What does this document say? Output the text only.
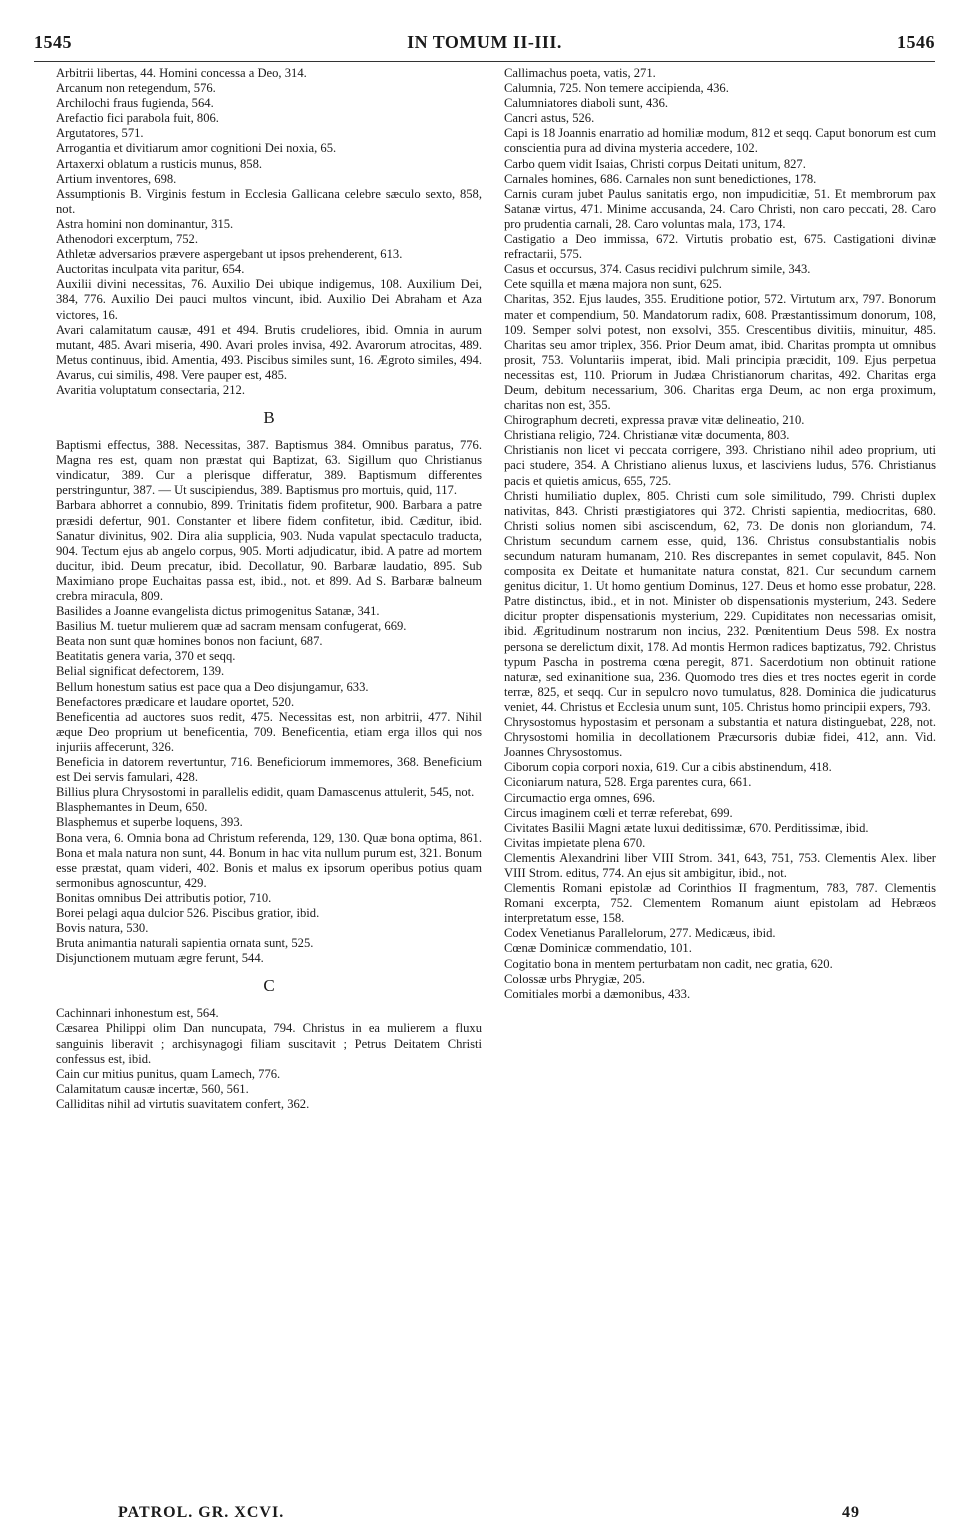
1545	IN TOMUM II-III.	1546

Arbitrii libertas, 44. Homini concessa a Deo, 314.

Arcanum non retegendum, 576.

Archilochi fraus fugienda, 564.

Arefactio fici parabola fuit, 806.

Argutatores, 571.

Arrogantia et divitiarum amor cognitioni Dei noxia, 65.

Artaxerxi oblatum a rusticis munus, 858.

Artium inventores, 698.

Assumptionis B. Virginis festum in Ecclesia Gallicana celebre sæculo sexto, 858, not.

Astra homini non dominantur, 315.

Athenodori excerptum, 752.

Athletæ adversarios prævere aspergebant ut ipsos prehenderent, 613.

Auctoritas inculpata vita paritur, 654.

Auxilii divini necessitas, 76. Auxilio Dei ubique indigemus, 108. Auxilium Dei, 384, 776. Auxilio Dei pauci multos vincunt, ibid. Auxilio Dei Abraham et Aza victores, 16.

Avari calamitatum causæ, 491 et 494. Brutis crudeliores, ibid. Omnia in aurum mutant, 485. Avari miseria, 490. Avari proles invisa, 492. Avarorum atrocitas, 489. Metus continuus, ibid. Amentia, 493. Piscibus similes sunt, 16. Ægroto similes, 494. Avarus, cui similis, 498. Vere pauper est, 485.

Avaritia voluptatum consectaria, 212.

B

Baptismi effectus, 388. Necessitas, 387. Baptismus 384. Omnibus paratus, 776. Magna res est, quam non præstat qui Baptizat, 63. Sigillum quo Christianus vindicatur, 389. Cur a plerisque differatur, 389. Baptismum differentes perstringuntur, 387. — Ut suscipiendus, 389. Baptismus pro mortuis, quid, 117.

Barbara abhorret a connubio, 899. Trinitatis fidem profitetur, 900. Barbara a patre præsidi defertur, 901. Constanter et libere fidem confitetur, ibid. Cæditur, ibid. Sanatur divinitus, 902. Dira alia supplicia, 903. Nuda vapulat spectaculo traducta, 904. Tectum ejus ab angelo corpus, 905. Morti adjudicatur, ibid. A patre ad mortem ducitur, ibid. Deum precatur, ibid. Decollatur, 90. Barbaræ laudatio, 895. Sub Maximiano prope Euchaitas passa est, ibid., not. et 899. Ad S. Barbaræ balneum crebra miracula, 809.

Basilides a Joanne evangelista dictus primogenitus Satanæ, 341.

Basilius M. tuetur mulierem quæ ad sacram mensam confugerat, 669.

Beata non sunt quæ homines bonos non faciunt, 687.

Beatitatis genera varia, 370 et seqq.

Belial significat defectorem, 139.

Bellum honestum satius est pace qua a Deo disjungamur, 633.

Benefactores prædicare et laudare oportet, 520.

Beneficentia ad auctores suos redit, 475. Necessitas est, non arbitrii, 477. Nihil æque Deo proprium ut beneficentia, 709. Beneficentia, etiam erga illos qui nos injuriis affecerunt, 326.

Beneficia in datorem revertuntur, 716. Beneficiorum immemores, 368. Beneficium est Dei servis famulari, 428.

Billius plura Chrysostomi in parallelis edidit, quam Damascenus attulerit, 545, not.

Blasphemantes in Deum, 650.

Blasphemus et superbe loquens, 393.

Bona vera, 6. Omnia bona ad Christum referenda, 129, 130. Quæ bona optima, 861. Bona et mala natura non sunt, 44. Bonum in hac vita nullum purum est, 321. Bonum esse præstat, quam videri, 402. Bonis et malus ex ipsorum operibus potius quam sermonibus agnoscuntur, 429.

Bonitas omnibus Dei attributis potior, 710.

Borei pelagi aqua dulcior 526. Piscibus gratior, ibid.

Bovis natura, 530.

Bruta animantia naturali sapientia ornata sunt, 525.

Disjunctionem mutuam ægre ferunt, 544.

C

Cachinnari inhonestum est, 564.

Cæsarea Philippi olim Dan nuncupata, 794. Christus in ea mulierem a fluxu sanguinis liberavit ; archisynagogi filiam suscitavit ; Petrus Deitatem Christi confessus est, ibid.

Cain cur mitius punitus, quam Lamech, 776.

Calamitatum causæ incertæ, 560, 561.

Calliditas nihil ad virtutis suavitatem confert, 362.

Callimachus poeta, vatis, 271.

Calumnia, 725. Non temere accipienda, 436.

Calumniatores diaboli sunt, 436.

Cancri astus, 526.

Capi is 18 Joannis enarratio ad homiliæ modum, 812 et seqq. Caput bonorum est cum conscientia pura ad divina mysteria accedere, 102.

Carbo quem vidit Isaias, Christi corpus Deitati unitum, 827.

Carnales homines, 686. Carnales non sunt benedictiones, 178.

Carnis curam jubet Paulus sanitatis ergo, non impudicitiæ, 51. Et membrorum pax Satanæ virtus, 471. Minime accusanda, 24. Caro Christi, non caro peccati, 28. Caro pro prudentia carnali, 28. Caro voluntas mala, 173, 174.

Castigatio a Deo immissa, 672. Virtutis probatio est, 675. Castigationi divinæ refractarii, 575.

Casus et occursus, 374. Casus recidivi pulchrum simile, 343.

Cete squilla et mæna majora non sunt, 625.

Charitas, 352. Ejus laudes, 355. Eruditione potior, 572. Virtutum arx, 797. Bonorum mater et compendium, 50. Mandatorum radix, 608. Præstantissimum donorum, 108, 109. Semper solvi potest, non exsolvi, 355. Crescentibus divitiis, minuitur, 485. Charitas seu amor triplex, 356. Prior Deum amat, ibid. Charitas prompta ut omnibus prosit, 753. Voluntariis imperat, ibid. Mali principia præcidit, 109. Ejus perpetua necessitas est, 110. Priorum in Judæa Christianorum charitas, 492. Charitas erga Deum, debitum necessarium, 306. Charitas erga Deum, ac non erga proximum, charitas non est, 355.

Chirographum decreti, expressa pravæ vitæ delineatio, 210.

Christiana religio, 724. Christianæ vitæ documenta, 803.

Christianis non licet vi peccata corrigere, 393. Christiano nihil adeo proprium, uti paci studere, 354. A Christiano alienus luxus, et lasciviens ludus, 576. Christianus pacis et quietis amicus, 655, 725.

Christi humiliatio duplex, 805. Christi cum sole similitudo, 799. Christi duplex nativitas, 843. Christi præstigiatores qui 372. Christi sapientia, mediocritas, 680. Christi solius nomen sibi asciscendum, 62, 73. De donis non gloriandum, 74. Christum secundum carnem esse, quid, 136. Christus consubstantialis nobis secundum naturam humanam, 210. Res discrepantes in semet copulavit, 845. Non composita ex Deitate et humanitate natura constat, 821. Cur secundum carnem genitus dicitur, 1. Ut homo gentium Dominus, 127. Deus et homo esse probatur, 228. Patre distinctus, ibid., et in not. Minister ob dispensationis mysterium, 243. Sedere dicitur propter dispensationis mysterium, 229. Cupiditates non necessarias omisit, ibid. Ægritudinum nostrarum non incius, 232. Pœnitentium Deus 598. Ex nostra persona se derelictum dixit, 178. Ad montis Hermon radices baptizatus, 792. Christus typum Pascha in postrema cœna peregit, 871. Sacerdotium non obtinuit ratione naturæ, sed exinanitione sua, 236. Quomodo tres dies et tres noctes egerit in corde terræ, 825, et seqq. Cur in sepulcro novo tumulatus, 828. Dominica die judicaturus veniet, 44. Christus et Ecclesia unum sunt, 105. Christus homo principii expers, 793.

Chrysostomus hypostasim et personam a substantia et natura distinguebat, 228, not. Chrysostomi homilia in decollationem Præcursoris dubiæ fidei, 412, ann. Vid. Joannes Chrysostomus.

Ciborum copia corpori noxia, 619. Cur a cibis abstinendum, 418.

Ciconiarum natura, 528. Erga parentes cura, 661.

Circumactio erga omnes, 696.

Circus imaginem cœli et terræ referebat, 699.

Civitates Basilii Magni ætate luxui deditissimæ, 670. Perditissimæ, ibid.

Civitas impietate plena 670.

Clementis Alexandrini liber VIII Strom. 341, 643, 751, 753. Clementis Alex. liber VIII Strom. editus, 774. An ejus sit ambigitur, ibid., not.

Clementis Romani epistolæ ad Corinthios II fragmentum, 783, 787. Clementis Romani excerpta, 752. Clementem Romanum aiunt epistolam ad Hebræos interpretatum esse, 158.

Codex Venetianus Parallelorum, 277. Medicæus, ibid.

Cœnæ Dominicæ commendatio, 101.

Cogitatio bona in mentem perturbatam non cadit, nec gratia, 620.

Colossæ urbs Phrygiæ, 205.

Comitiales morbi a dæmonibus, 433.

PATROL. GR. XCVI.	49
